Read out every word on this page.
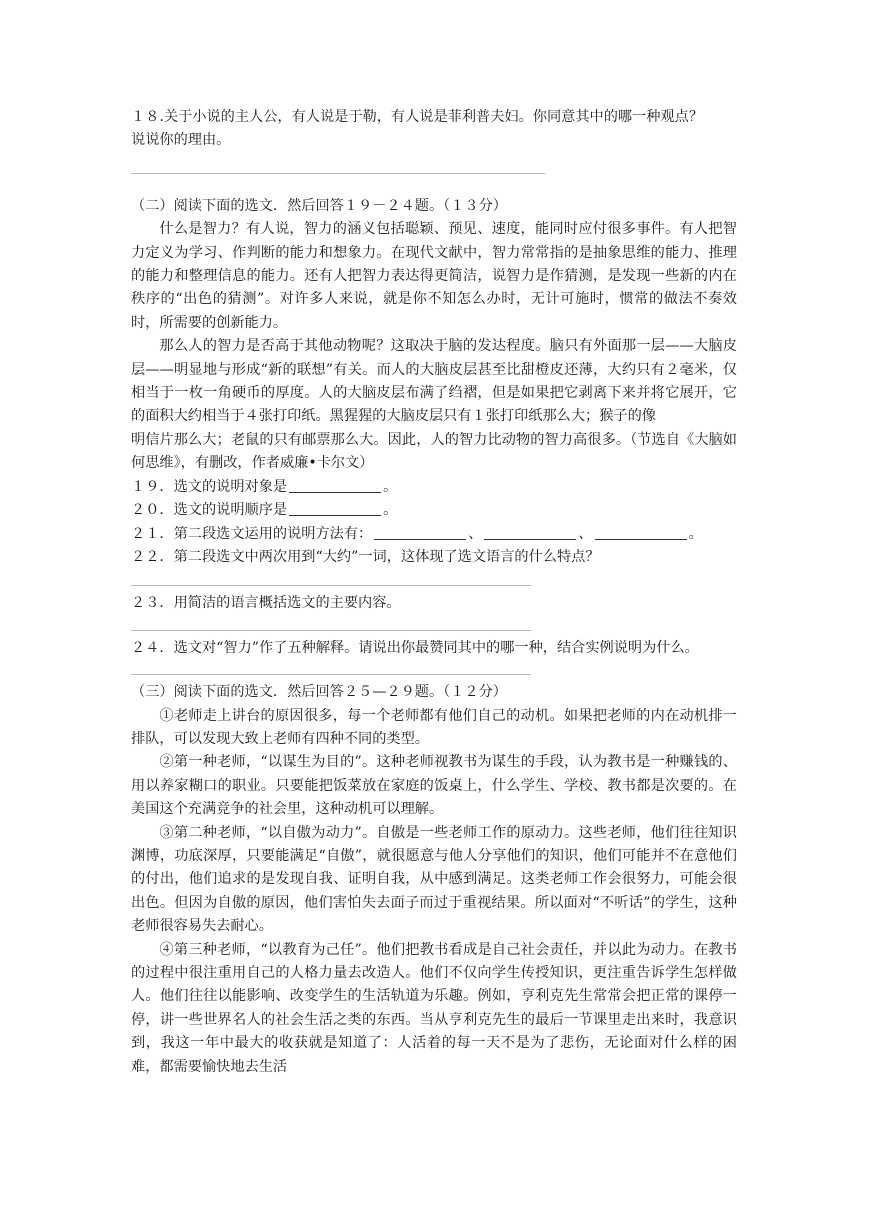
１８.关于小说的主人公，有人说是于勒，有人说是菲利普夫妇。你同意其中的哪一种观点？
说说你的理由。

（二）阅读下面的选文．然后回答１９－２４题。（１３分）

什么是智力？有人说，智力的涵义包括聪颖、预见、速度，能同时应付很多事件。有人把智力定义为学习、作判断的能力和想象力。在现代文献中，智力常常指的是抽象思维的能力、推理的能力和整理信息的能力。还有人把智力表达得更简洁，说智力是作猜测，是发现一些新的内在秩序的“出色的猜测”。对许多人来说，就是你不知怎么办时，无计可施时，惯常的做法不奏效时，所需要的创新能力。

那么人的智力是否高于其他动物呢？这取决于脑的发达程度。脑只有外面那一层——大脑皮层——明显地与形成“新的联想”有关。而人的大脑皮层甚至比甜橙皮还薄，大约只有２毫米，仅相当于一枚一角硬币的厚度。人的大脑皮层布满了绉褶，但是如果把它剥离下来并将它展开，它的面积大约相当于４张打印纸。黑猩猩的大脑皮层只有１张打印纸那么大；猴子的像

明信片那么大；老鼠的只有邮票那么大。因此，人的智力比动物的智力高很多。（节选自《大脑如何思维》，有删改，作者威廉•卡尔文）

１９．选文的说明对象是	。

２０．选文的说明顺序是	。

２１．第二段选文运用的说明方法有：	、	、	。

２２．第二段选文中两次用到“大约”一词，这体现了选文语言的什么特点？

２３．用简洁的语言概括选文的主要内容。

２４．选文对“智力”作了五种解释。请说出你最赞同其中的哪一种，结合实例说明为什么。

（三）阅读下面的选文．然后回答２５—２９题。（１２分）

①老师走上讲台的原因很多，每一个老师都有他们自己的动机。如果把老师的内在动机排一排队，可以发现大致上老师有四种不同的类型。

②第一种老师，“以谋生为目的”。这种老师视教书为谋生的手段，认为教书是一种赚钱的、用以养家糊口的职业。只要能把饭菜放在家庭的饭桌上，什么学生、学校、教书都是次要的。在美国这个充满竞争的社会里，这种动机可以理解。

③第二种老师，“以自傲为动力”。自傲是一些老师工作的原动力。这些老师，他们往往知识渊博，功底深厚，只要能满足“自傲”，就很愿意与他人分享他们的知识，他们可能并不在意他们的付出，他们追求的是发现自我、证明自我，从中感到满足。这类老师工作会很努力，可能会很出色。但因为自傲的原因，他们害怕失去面子而过于重视结果。所以面对“不听话”的学生，这种老师很容易失去耐心。

④第三种老师，“以教育为己任”。他们把教书看成是自己社会责任，并以此为动力。在教书的过程中很注重用自己的人格力量去改造人。他们不仅向学生传授知识，更注重告诉学生怎样做人。他们往往以能影响、改变学生的生活轨道为乐趣。例如，亨利克先生常常会把正常的课停一停，讲一些世界名人的社会生活之类的东西。当从亨利克先生的最后一节课里走出来时，我意识到，我这一年中最大的收获就是知道了：人活着的每一天不是为了悲伤，无论面对什么样的困难，都需要愉快地去生活
